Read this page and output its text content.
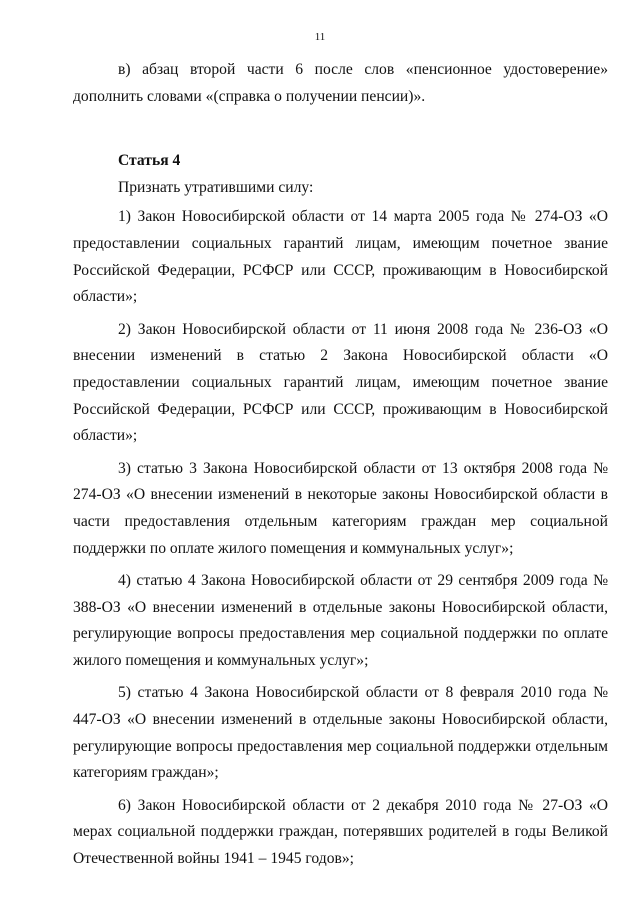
11

в) абзац второй части 6 после слов «пенсионное удостоверение» дополнить словами «(справка о получении пенсии)».

Статья 4

Признать утратившими силу:

1) Закон Новосибирской области от 14 марта 2005 года № 274-ОЗ «О предоставлении социальных гарантий лицам, имеющим почетное звание Российской Федерации, РСФСР или СССР, проживающим в Новосибирской области»;

2) Закон Новосибирской области от 11 июня 2008 года № 236-ОЗ «О внесении изменений в статью 2 Закона Новосибирской области «О предоставлении социальных гарантий лицам, имеющим почетное звание Российской Федерации, РСФСР или СССР, проживающим в Новосибирской области»;

3) статью 3 Закона Новосибирской области от 13 октября 2008 года № 274-ОЗ «О внесении изменений в некоторые законы Новосибирской области в части предоставления отдельным категориям граждан мер социальной поддержки по оплате жилого помещения и коммунальных услуг»;

4) статью 4 Закона Новосибирской области от 29 сентября 2009 года № 388-ОЗ «О внесении изменений в отдельные законы Новосибирской области, регулирующие вопросы предоставления мер социальной поддержки по оплате жилого помещения и коммунальных услуг»;

5) статью 4 Закона Новосибирской области от 8 февраля 2010 года № 447-ОЗ «О внесении изменений в отдельные законы Новосибирской области, регулирующие вопросы предоставления мер социальной поддержки отдельным категориям граждан»;

6) Закон Новосибирской области от 2 декабря 2010 года № 27-ОЗ «О мерах социальной поддержки граждан, потерявших родителей в годы Великой Отечественной войны 1941 – 1945 годов»;
